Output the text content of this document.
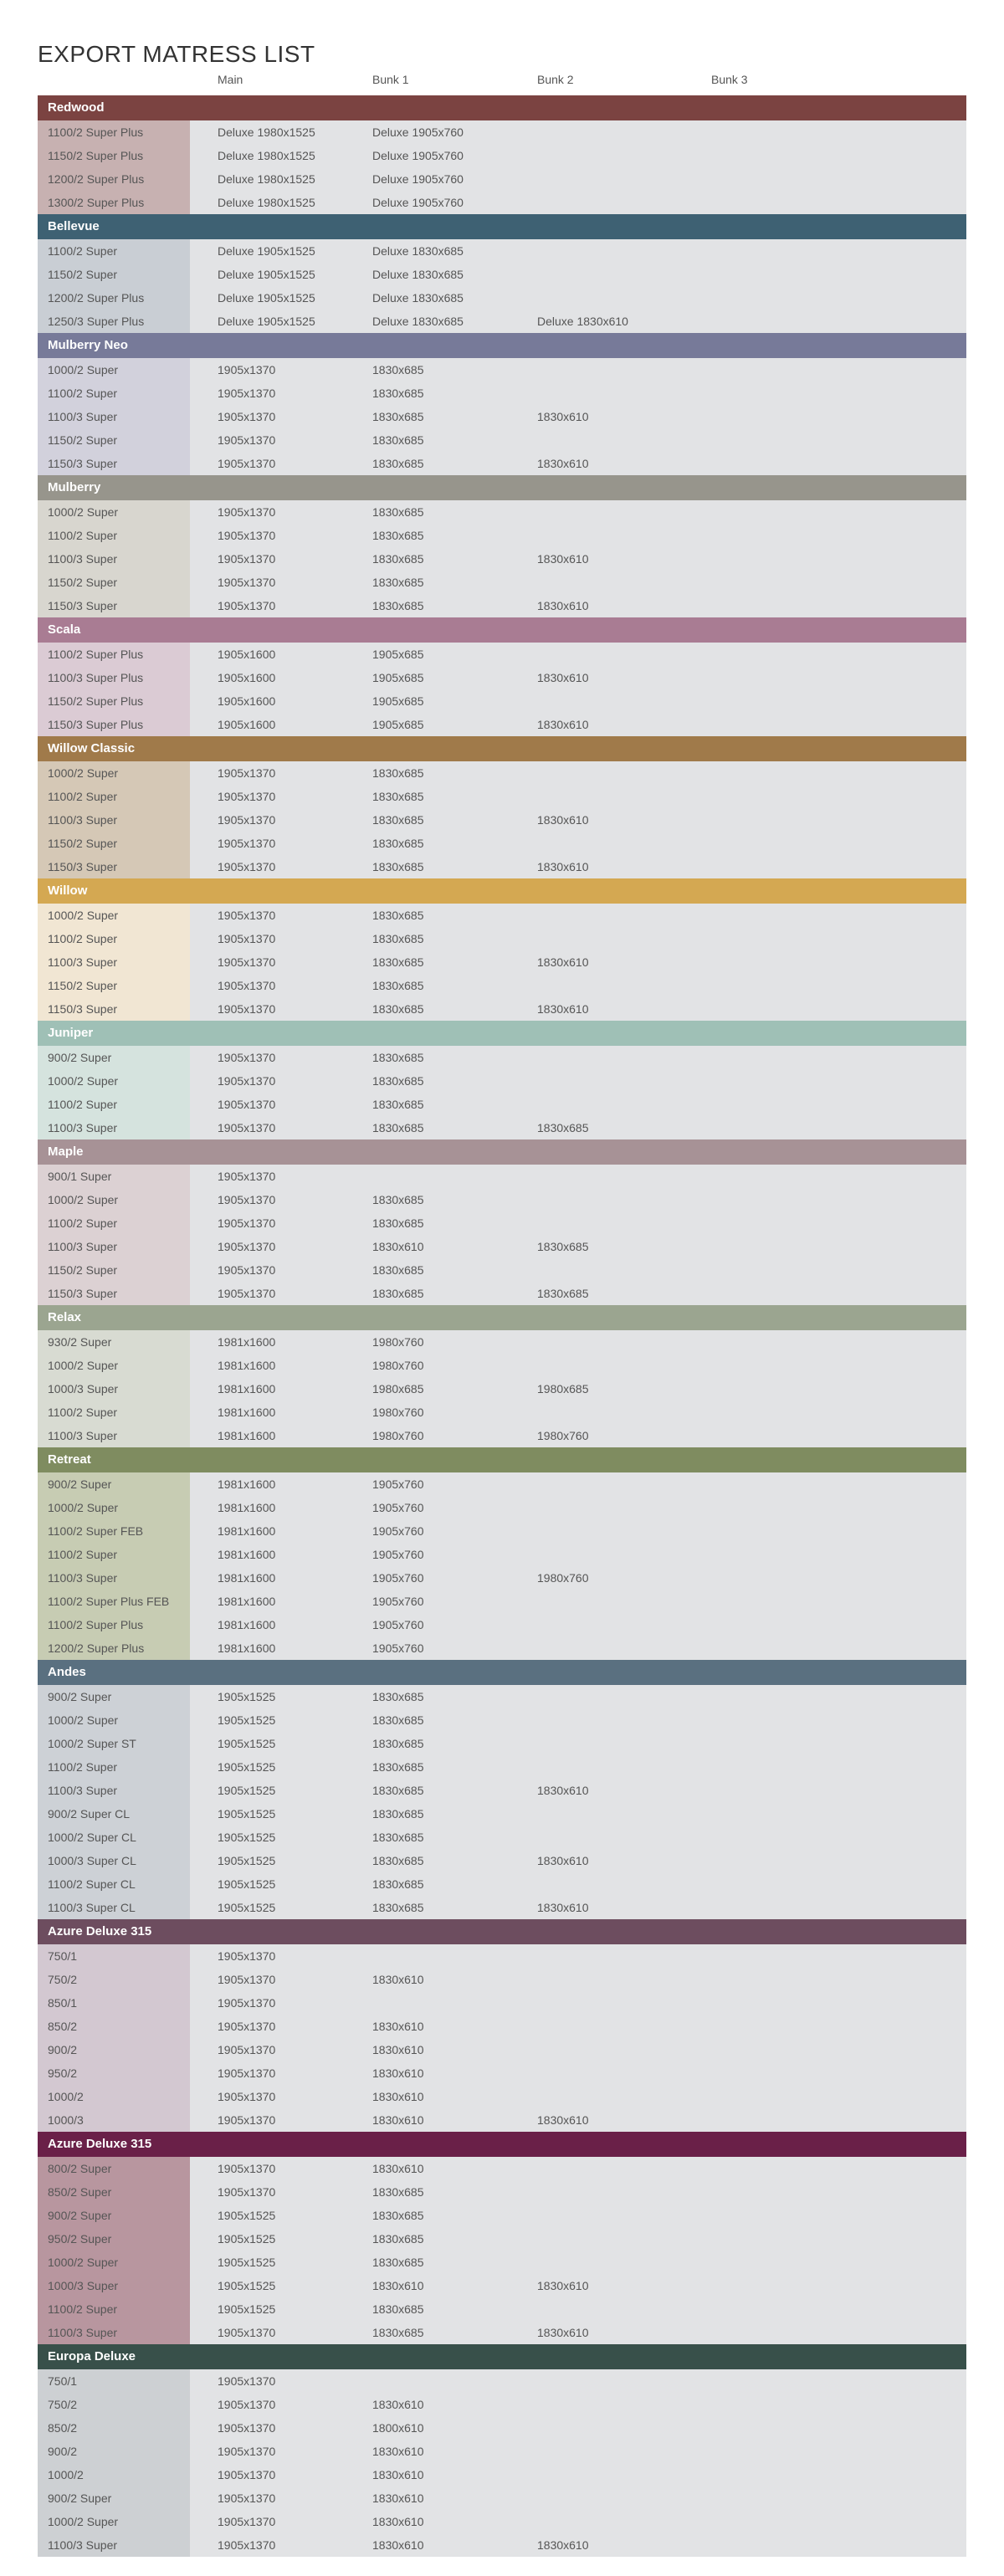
EXPORT MATRESS LIST
Main	Bunk 1	Bunk 2	Bunk 3
Redwood
1100/2 Super Plus	Deluxe 1980x1525	Deluxe 1905x760
1150/2 Super Plus	Deluxe 1980x1525	Deluxe 1905x760
1200/2 Super Plus	Deluxe 1980x1525	Deluxe 1905x760
1300/2 Super Plus	Deluxe 1980x1525	Deluxe 1905x760
Bellevue
1100/2 Super	Deluxe 1905x1525	Deluxe 1830x685
1150/2 Super	Deluxe 1905x1525	Deluxe 1830x685
1200/2 Super Plus	Deluxe 1905x1525	Deluxe 1830x685
1250/3 Super Plus	Deluxe 1905x1525	Deluxe 1830x685	Deluxe 1830x610
Mulberry Neo
1000/2 Super	1905x1370	1830x685
1100/2 Super	1905x1370	1830x685
1100/3 Super	1905x1370	1830x685	1830x610
1150/2 Super	1905x1370	1830x685
1150/3 Super	1905x1370	1830x685	1830x610
Mulberry
1000/2 Super	1905x1370	1830x685
1100/2 Super	1905x1370	1830x685
1100/3 Super	1905x1370	1830x685	1830x610
1150/2 Super	1905x1370	1830x685
1150/3 Super	1905x1370	1830x685	1830x610
Scala
1100/2 Super Plus	1905x1600	1905x685
1100/3 Super Plus	1905x1600	1905x685	1830x610
1150/2 Super Plus	1905x1600	1905x685
1150/3 Super Plus	1905x1600	1905x685	1830x610
Willow Classic
1000/2 Super	1905x1370	1830x685
1100/2 Super	1905x1370	1830x685
1100/3 Super	1905x1370	1830x685	1830x610
1150/2 Super	1905x1370	1830x685
1150/3 Super	1905x1370	1830x685	1830x610
Willow
1000/2 Super	1905x1370	1830x685
1100/2 Super	1905x1370	1830x685
1100/3 Super	1905x1370	1830x685	1830x610
1150/2 Super	1905x1370	1830x685
1150/3 Super	1905x1370	1830x685	1830x610
Juniper
900/2 Super	1905x1370	1830x685
1000/2 Super	1905x1370	1830x685
1100/2 Super	1905x1370	1830x685
1100/3 Super	1905x1370	1830x685	1830x685
Maple
900/1 Super	1905x1370
1000/2 Super	1905x1370	1830x685
1100/2 Super	1905x1370	1830x685
1100/3 Super	1905x1370	1830x610	1830x685
1150/2 Super	1905x1370	1830x685
1150/3 Super	1905x1370	1830x685	1830x685
Relax
930/2 Super	1981x1600	1980x760
1000/2 Super	1981x1600	1980x760
1000/3 Super	1981x1600	1980x685	1980x685
1100/2 Super	1981x1600	1980x760
1100/3 Super	1981x1600	1980x760	1980x760
Retreat
900/2 Super	1981x1600	1905x760
1000/2 Super	1981x1600	1905x760
1100/2 Super FEB	1981x1600	1905x760
1100/2 Super	1981x1600	1905x760
1100/3 Super	1981x1600	1905x760	1980x760
1100/2 Super Plus FEB	1981x1600	1905x760
1100/2 Super Plus	1981x1600	1905x760
1200/2 Super Plus	1981x1600	1905x760
Andes
900/2 Super	1905x1525	1830x685
1000/2 Super	1905x1525	1830x685
1000/2 Super ST	1905x1525	1830x685
1100/2 Super	1905x1525	1830x685
1100/3 Super	1905x1525	1830x685	1830x610
900/2 Super CL	1905x1525	1830x685
1000/2 Super CL	1905x1525	1830x685
1000/3 Super CL	1905x1525	1830x685	1830x610
1100/2 Super CL	1905x1525	1830x685
1100/3 Super CL	1905x1525	1830x685	1830x610
Azure Deluxe 315
750/1	1905x1370
750/2	1905x1370	1830x610
850/1	1905x1370
850/2	1905x1370	1830x610
900/2	1905x1370	1830x610
950/2	1905x1370	1830x610
1000/2	1905x1370	1830x610
1000/3	1905x1370	1830x610	1830x610
Azure Deluxe 315
800/2 Super	1905x1370	1830x610
850/2 Super	1905x1370	1830x685
900/2 Super	1905x1525	1830x685
950/2 Super	1905x1525	1830x685
1000/2 Super	1905x1525	1830x685
1000/3 Super	1905x1525	1830x610	1830x610
1100/2 Super	1905x1525	1830x685
1100/3 Super	1905x1370	1830x685	1830x610
Europa Deluxe
750/1	1905x1370
750/2	1905x1370	1830x610
850/2	1905x1370	1800x610
900/2	1905x1370	1830x610
1000/2	1905x1370	1830x610
900/2 Super	1905x1370	1830x610
1000/2 Super	1905x1370	1830x610
1100/3 Super	1905x1370	1830x610	1830x610
